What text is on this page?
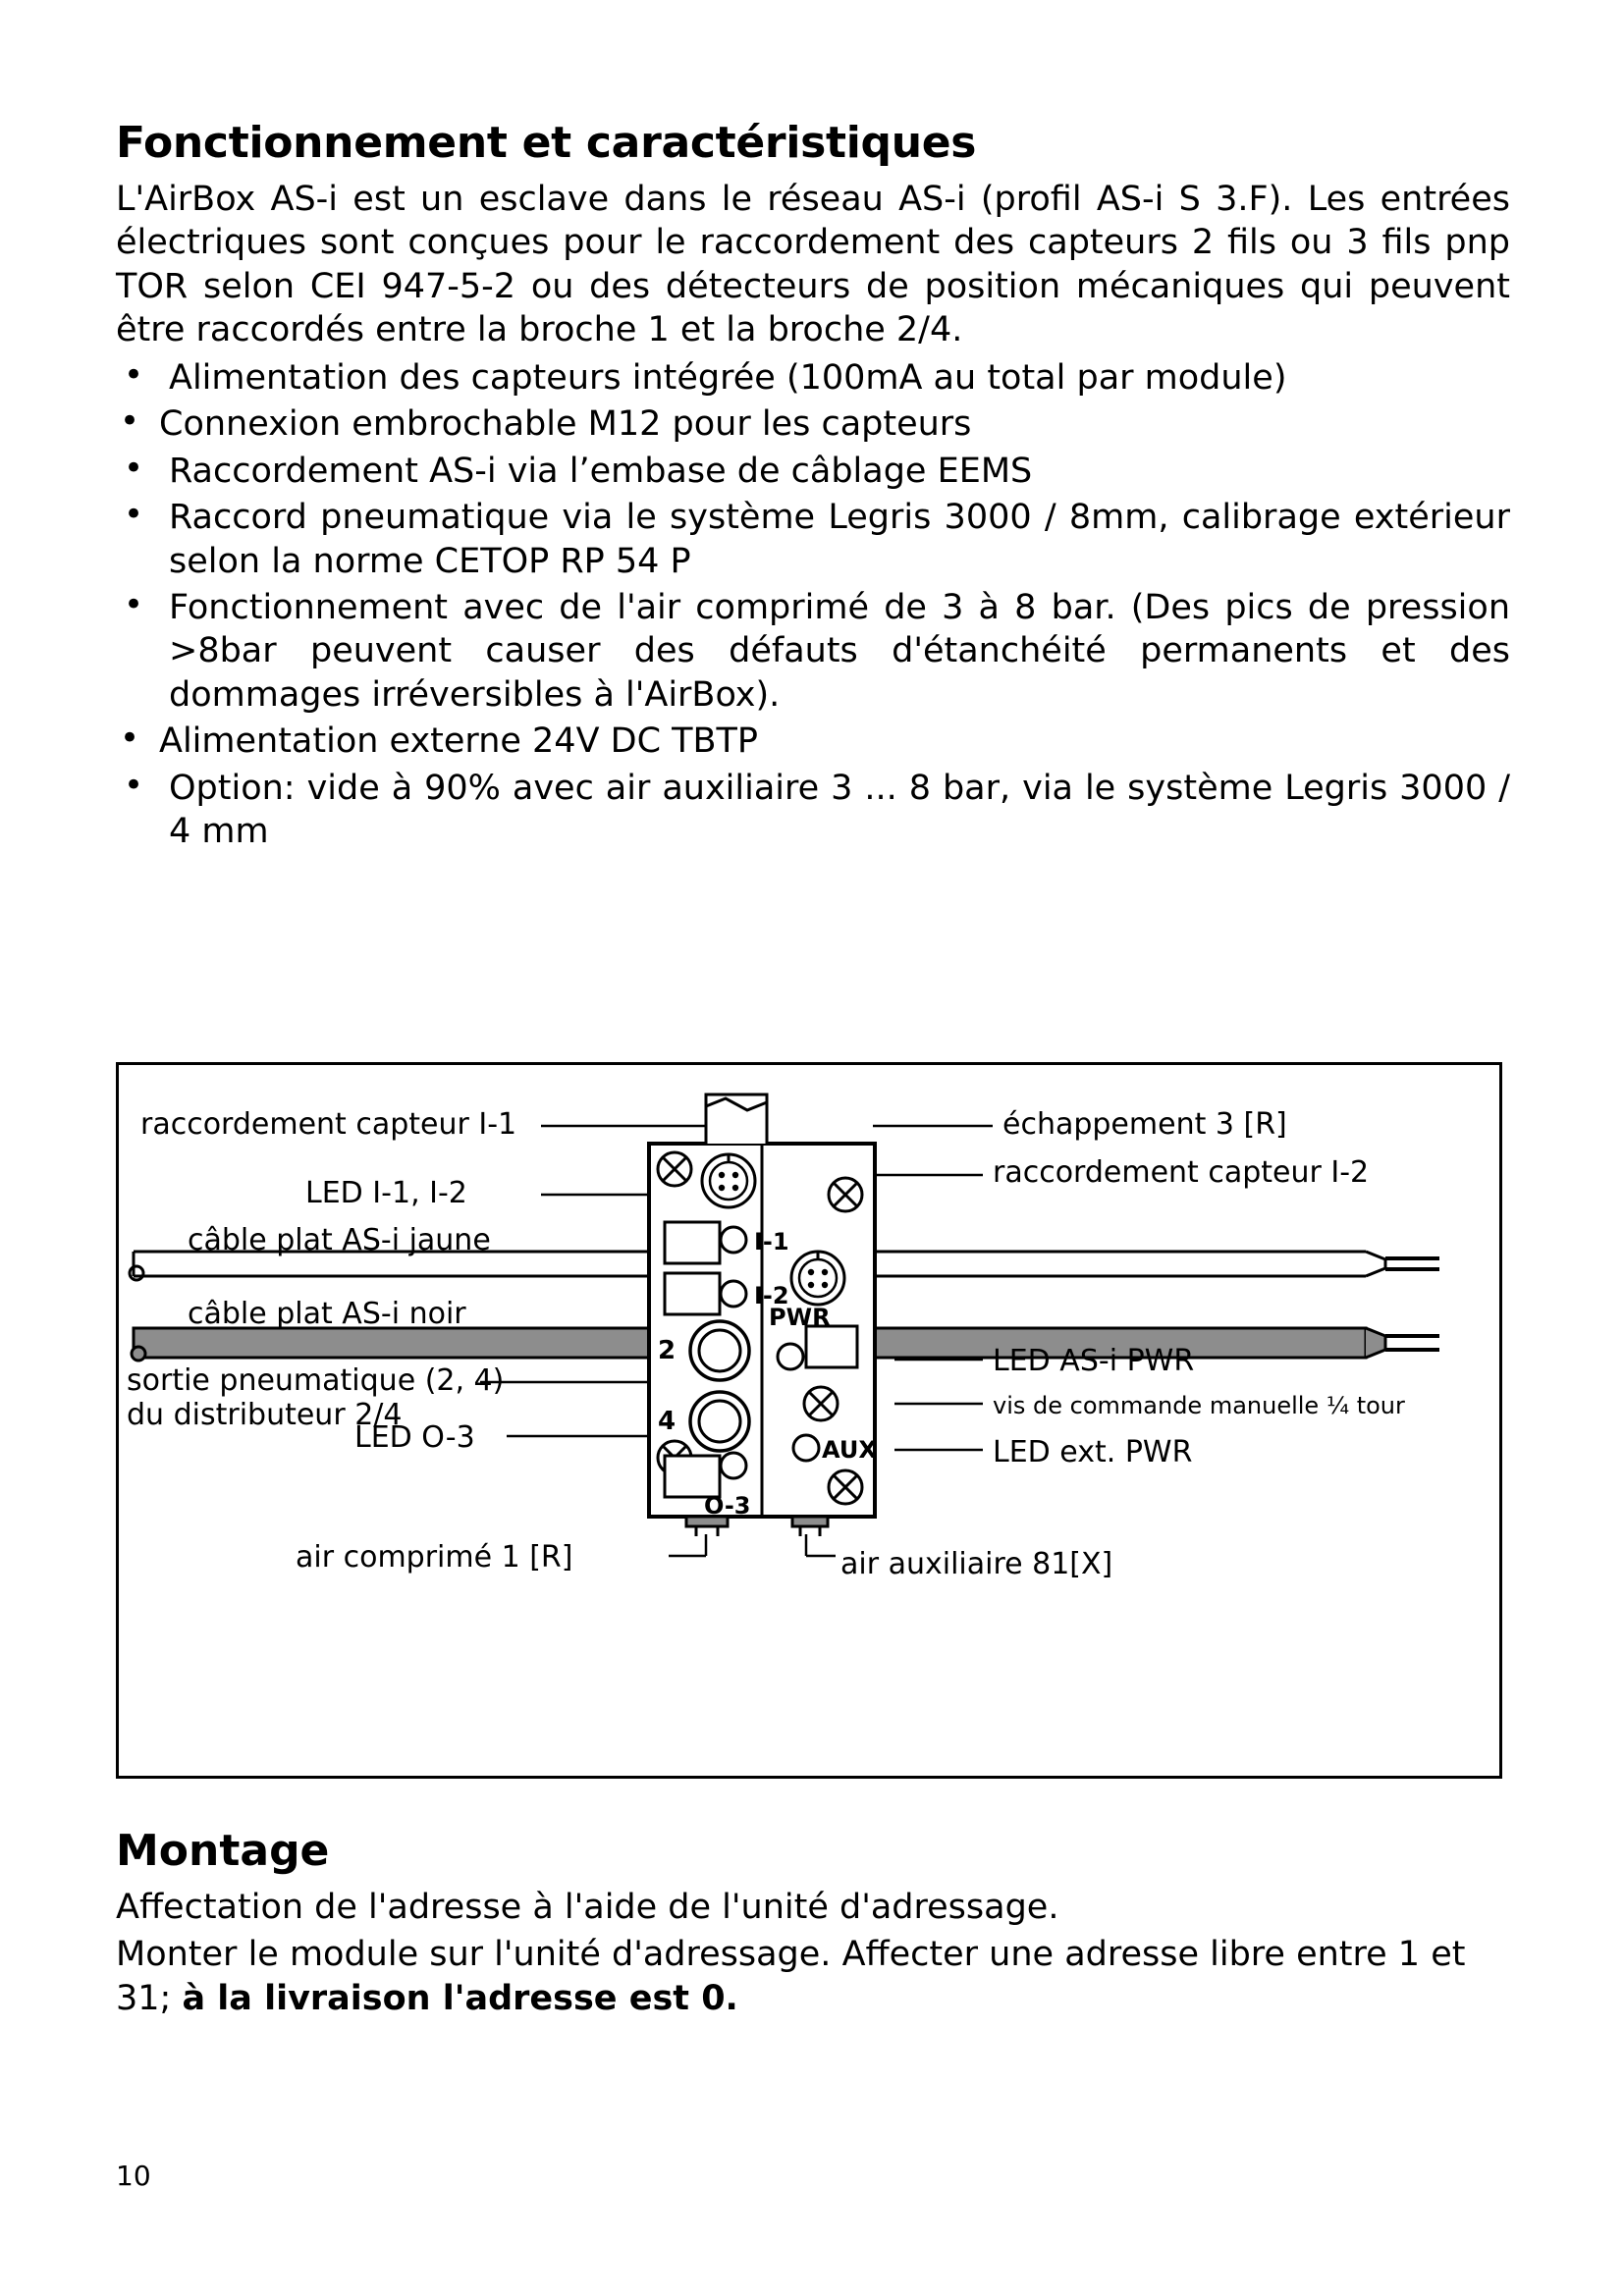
Fonctionnement et caractéristiques

L'AirBox AS-i est un esclave dans le réseau AS-i (profil AS-i S 3.F). Les entrées électriques sont conçues pour le raccordement des capteurs 2 fils ou 3 fils pnp TOR selon CEI 947-5-2 ou des détecteurs de position mécaniques qui peuvent être raccordés entre la broche 1 et la broche 2/4.

• Alimentation des capteurs intégrée (100mA au total par module)
• Connexion embrochable M12 pour les capteurs
• Raccordement AS-i via l’embase de câblage EEMS
• Raccord pneumatique via le système Legris 3000 / 8mm, calibrage extérieur selon la norme CETOP RP 54 P
• Fonctionnement avec de l'air comprimé de 3 à 8 bar. (Des pics de pression >8bar peuvent causer des défauts d'étanchéité permanents et des dommages irréversibles à l'AirBox).
• Alimentation externe 24V DC TBTP
• Option: vide à 90% avec air auxiliaire 3 ... 8 bar, via le système Legris 3000 / 4 mm
raccordement capteur I-1	échappement 3 [R]
LED I-1, I-2
raccordement capteur I-2
câble plat AS-i jaune
câble plat AS-i noir
sortie pneumatique (2, 4)
du distributeur 2/4
LED O-3
LED AS-i PWR
vis de commande manuelle ¼ tour
LED ext. PWR
air comprimé 1 [R]	air auxiliaire 81[X]
I-1
I-2
2
4
PWR
AUX
O-3
Montage

Affectation de l'adresse à l'aide de l'unité d'adressage.

Monter le module sur l'unité d'adressage. Affecter une adresse libre entre 1 et 31; à la livraison l'adresse est 0.

10
